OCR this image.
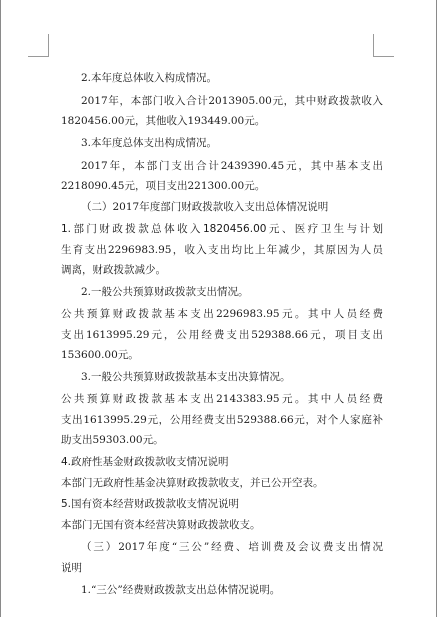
2.本年度总体收入构成情况。
2017年，本部门收入合计2013905.00元，其中财政拨款收入
1820456.00元，其他收入193449.00元。
3.本年度总体支出构成情况。
2017年，本部门支出合计2439390.45元，其中基本支出
2218090.45元，项目支出221300.00元。
（二）2017年度部门财政拨款收入支出总体情况说明
1.部门财政拨款总体收入1820456.00元、医疗卫生与计划
生育支出2296983.95，收入支出均比上年减少，其原因为人员
调离，财政拨款减少。
2.一般公共预算财政拨款支出情况。
公共预算财政拨款基本支出2296983.95元。其中人员经费
支出1613995.29元，公用经费支出529388.66元，项目支出
153600.00元。
3.一般公共预算财政拨款基本支出决算情况。
公共预算财政拨款基本支出2143383.95元。其中人员经费
支出1613995.29元，公用经费支出529388.66元，对个人家庭补
助支出59303.00元。
4.政府性基金财政拨款收支情况说明
本部门无政府性基金决算财政拨款收支，并已公开空表。
5.国有资本经营财政拨款收支情况说明
本部门无国有资本经营决算财政拨款收支。
（三）2017年度“三公”经费、培训费及会议费支出情况
说明
1.“三公”经费财政拨款支出总体情况说明。
